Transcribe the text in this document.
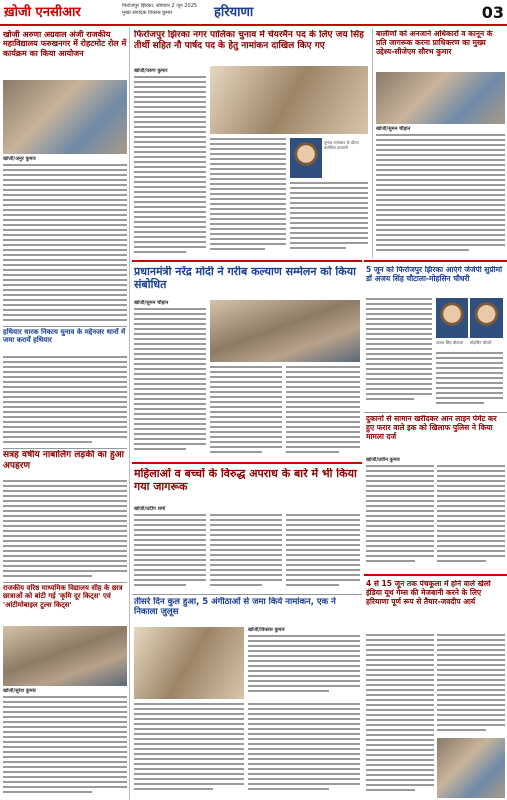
ख़ोजी एनसीआर	फिरोजपुर झिरका, सोमवार 2 जून 2025
मुख्य संपादक विकास कुमार	हरियाणा	03
खोजी अरुणा अग्रवाल अंजी राजकीय महाविद्यालय फरुखनगर में रोहटमोट रोल में कार्यक्रम का किया आयोजन
खोजी/अनुर कुमार
हथियार धारक निकाय चुनाव के मद्देनजर थानों में जमा करायें हथियार
सत्रह वर्षीय नाबालिग लड़की का हुआ अपहरण
राजकीय वरिष्ठ माध्यमिक विद्यालय सीह के छात्र छात्राओं को बांटी गई 'कृमि दूर किट्स' एवं 'आंटीमोबाइल टूल्स किट्स'
खोजी/सुरेश कुमार
फिरोजपुर झिरका नगर पालिका चुनाव में चेयरमैन पद के लिए जय सिंह तीर्थी सहित नौ पार्षद पद के हेतु नामांकन दाखिल किए गए
खोजी/वरुण कुमार
चुनाव नामांकन के दौरान उपस्थित प्रत्याशी
बालीणों को अनजाने अधिकारों व कानून के प्रति जागरूक करना प्राधिकरण का मुख्य उद्देश्य-सीजेएम सौरभ कुमार
खोजी/सुमन चौहान
प्रधानमंत्री नरेंद्र मोदी ने गरीब कल्याण सम्मेलन को किया संबोधित
खोजी/सुमन चौहान
5 जून को फिरोजपुर झिरका आएंगे जेजेपी सुप्रीमो डॉ अजय सिंह चौटाला-मोहसिन चौधरी
अजय सिंह चौटाला	मोहसिन चौधरी
दुकानों से सामान खरीदकर आन लाइन पेमेंट कर हुए फरार वाले इक को खिलाफ पुलिस ने किया मामला दर्ज
खोजी/प्रवीन कुमार
महिलाओं व बच्चों के विरुद्ध अपराध के बारे में भी किया गया जागरूक
खोजी/प्रदीप शर्मा
तीसरे दिन कुल हुआ, 5 अंगीठाओं से जमा किये नामांकन, एक ने निकाला जुलूस
खोजी/विकास कुमार
4 से 15 जून तक पंचकूला में होने वाले खेलो इंडिया यूथ गेम्स की मेजबानी करने के लिए हरियाणा पूर्ण रूप से तैयार-जवदीप आर्य
